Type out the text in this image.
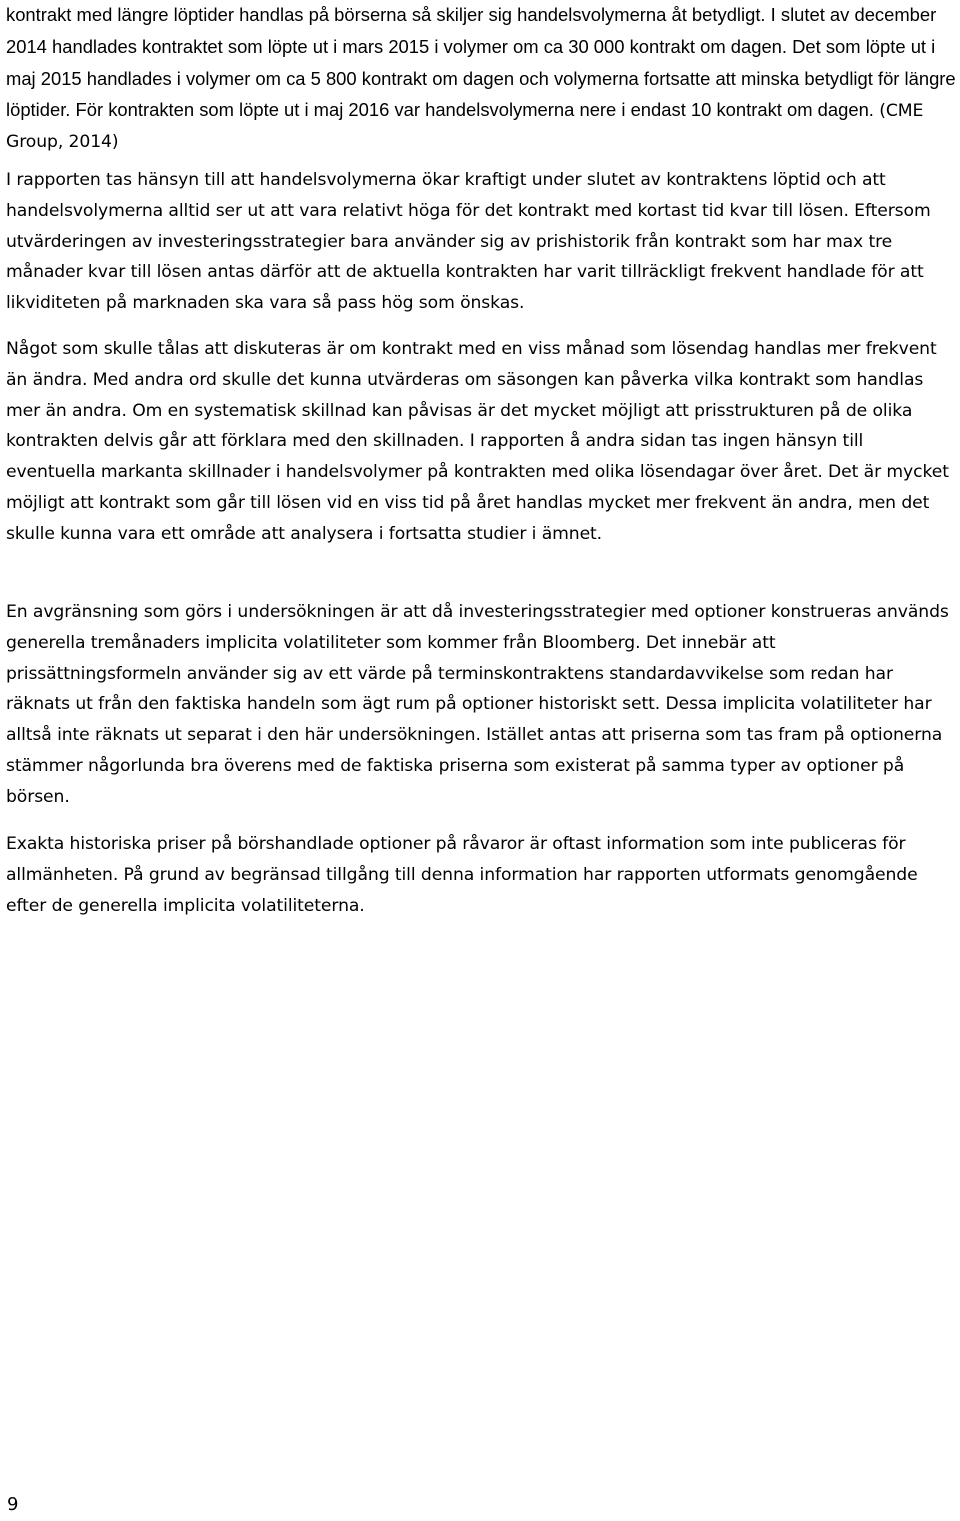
kontrakt med längre löptider handlas på börserna så skiljer sig handelsvolymerna åt betydligt. I slutet av december 2014 handlades kontraktet som löpte ut i mars 2015 i volymer om ca 30 000 kontrakt om dagen. Det som löpte ut i maj 2015 handlades i volymer om ca 5 800 kontrakt om dagen och volymerna fortsatte att minska betydligt för längre löptider. För kontrakten som löpte ut i maj 2016 var handelsvolymerna nere i endast 10 kontrakt om dagen. (CME Group, 2014)

I rapporten tas hänsyn till att handelsvolymerna ökar kraftigt under slutet av kontraktens löptid och att handelsvolymerna alltid ser ut att vara relativt höga för det kontrakt med kortast tid kvar till lösen. Eftersom utvärderingen av investeringsstrategier bara använder sig av prishistorik från kontrakt som har max tre månader kvar till lösen antas därför att de aktuella kontrakten har varit tillräckligt frekvent handlade för att likviditeten på marknaden ska vara så pass hög som önskas.

Något som skulle tålas att diskuteras är om kontrakt med en viss månad som lösendag handlas mer frekvent än ändra. Med andra ord skulle det kunna utvärderas om säsongen kan påverka vilka kontrakt som handlas mer än andra. Om en systematisk skillnad kan påvisas är det mycket möjligt att prisstrukturen på de olika kontrakten delvis går att förklara med den skillnaden. I rapporten å andra sidan tas ingen hänsyn till eventuella markanta skillnader i handelsvolymer på kontrakten med olika lösendagar över året. Det är mycket möjligt att kontrakt som går till lösen vid en viss tid på året handlas mycket mer frekvent än andra, men det skulle kunna vara ett område att analysera i fortsatta studier i ämnet.

En avgränsning som görs i undersökningen är att då investeringsstrategier med optioner konstrueras används generella tremånaders implicita volatiliteter som kommer från Bloomberg. Det innebär att prissättningsformeln använder sig av ett värde på terminskontraktens standardavvikelse som redan har räknats ut från den faktiska handeln som ägt rum på optioner historiskt sett. Dessa implicita volatiliteter har alltså inte räknats ut separat i den här undersökningen. Istället antas att priserna som tas fram på optionerna stämmer någorlunda bra överens med de faktiska priserna som existerat på samma typer av optioner på börsen.

Exakta historiska priser på börshandlade optioner på råvaror är oftast information som inte publiceras för allmänheten. På grund av begränsad tillgång till denna information har rapporten utformats genomgående efter de generella implicita volatiliteterna.

9
